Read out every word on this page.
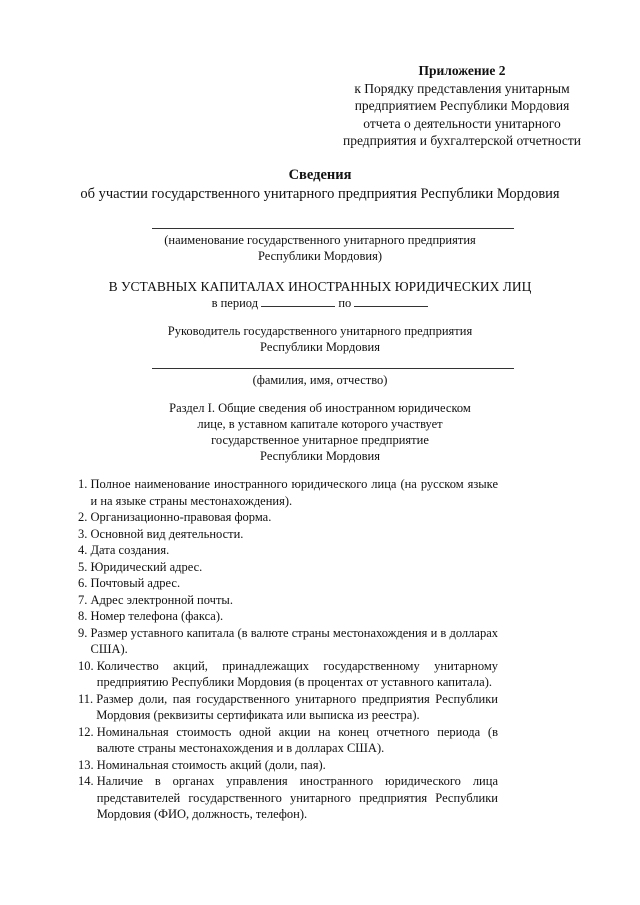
Приложение 2
к Порядку представления унитарным
предприятием Республики Мордовия
отчета о деятельности унитарного
предприятия и бухгалтерской отчетности
Сведения
об участии государственного унитарного предприятия Республики Мордовия
(наименование государственного унитарного предприятия
Республики Мордовия)
В УСТАВНЫХ КАПИТАЛАХ ИНОСТРАННЫХ ЮРИДИЧЕСКИХ ЛИЦ
в период	по
Руководитель государственного унитарного предприятия
Республики Мордовия
(фамилия, имя, отчество)
Раздел I. Общие сведения об иностранном юридическом
лице, в уставном капитале которого участвует
государственное унитарное предприятие
Республики Мордовия
1. Полное наименование иностранного юридического лица (на русском языке и на языке страны местонахождения).
2. Организационно-правовая форма.
3. Основной вид деятельности.
4. Дата создания.
5. Юридический адрес.
6. Почтовый адрес.
7. Адрес электронной почты.
8. Номер телефона (факса).
9. Размер уставного капитала (в валюте страны местонахождения и в долларах США).
10. Количество акций, принадлежащих государственному унитарному предприятию Республики Мордовия (в процентах от уставного капитала).
11. Размер доли, пая государственного унитарного предприятия Республики Мордовия (реквизиты сертификата или выписка из реестра).
12. Номинальная стоимость одной акции на конец отчетного периода (в валюте страны местонахождения и в долларах США).
13. Номинальная стоимость акций (доли, пая).
14. Наличие в органах управления иностранного юридического лица представителей государственного унитарного предприятия Республики Мордовия (ФИО, должность, телефон).
